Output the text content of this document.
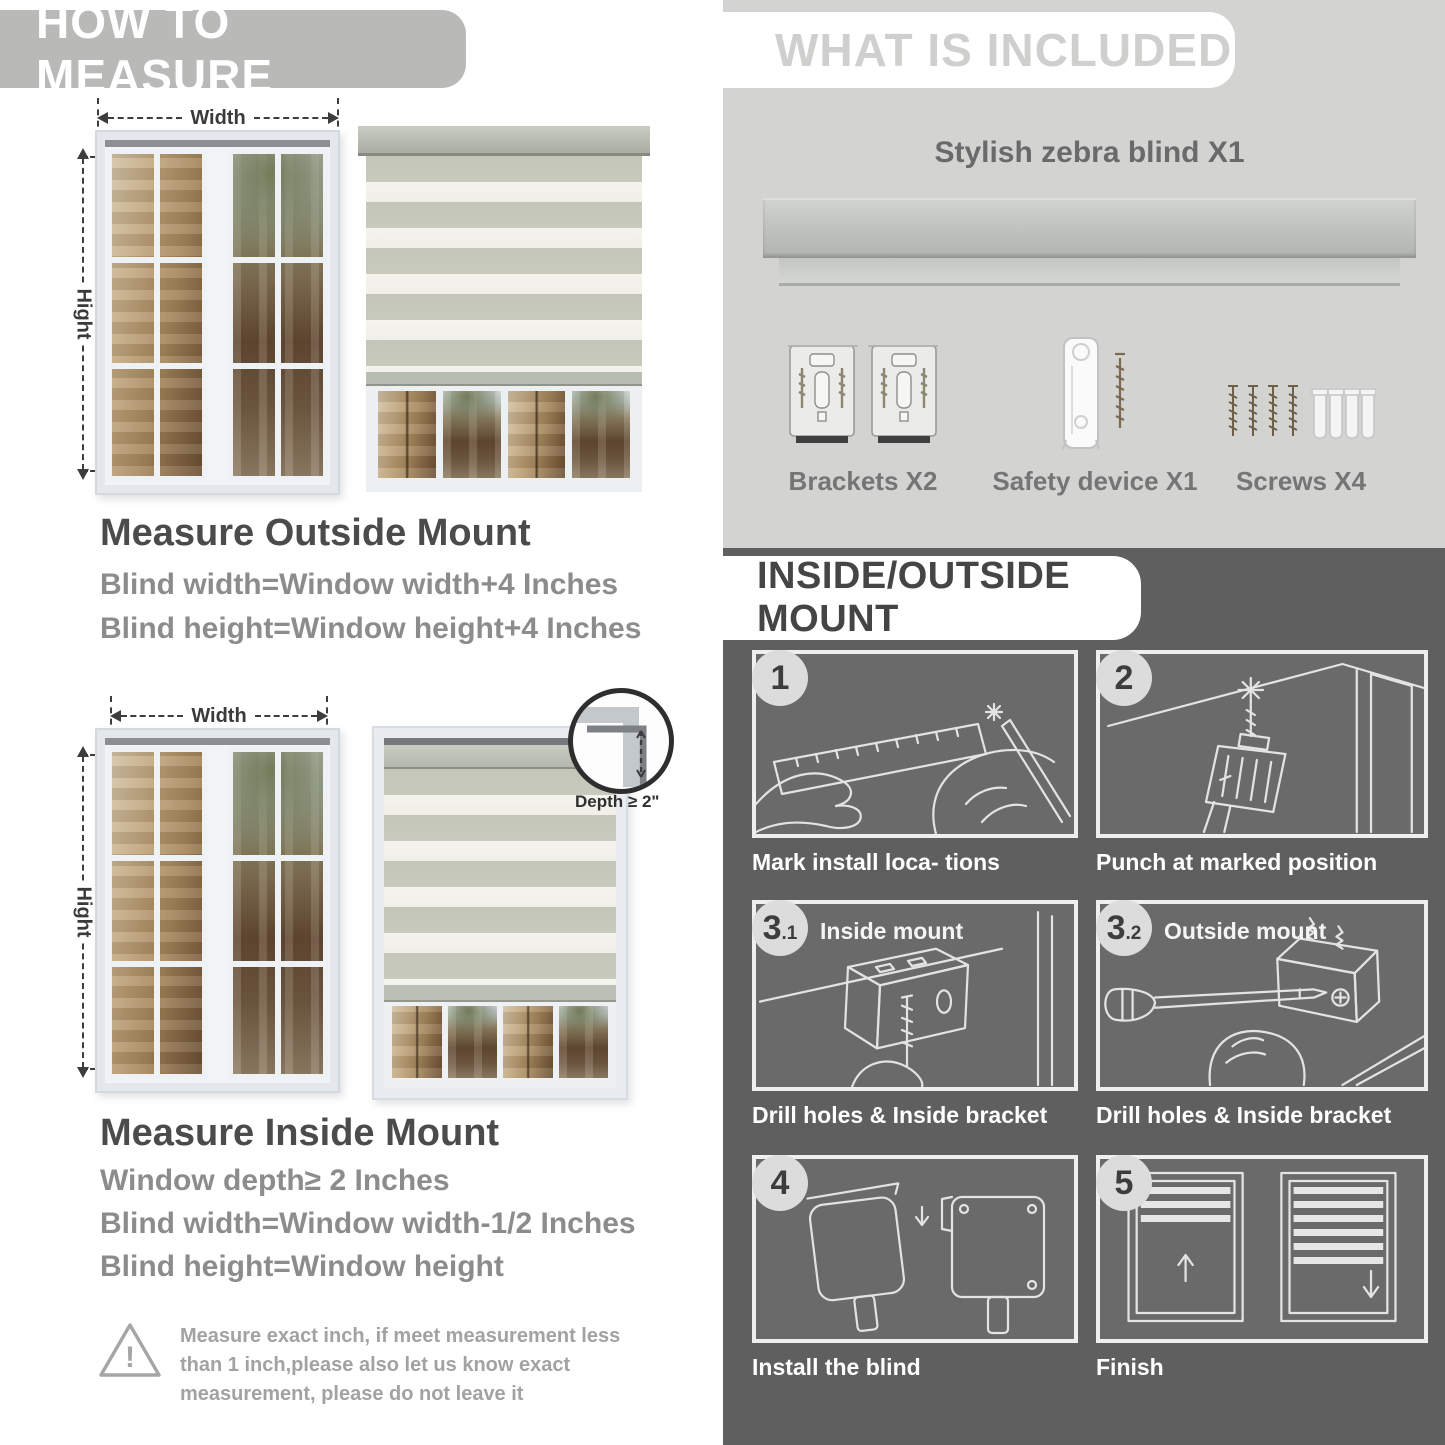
HOW TO MEASURE
Width
Hight
Measure Outside Mount
Blind width=Window width+4 Inches
Blind height=Window height+4 Inches
Width
Hight
Depth ≥ 2"
Measure Inside Mount
Window depth≥ 2 Inches
Blind width=Window width-1/2 Inches
Blind height=Window height
!
Measure exact inch, if meet measurement less than 1 inch,please also let us know exact measurement, please do not leave it
WHAT IS INCLUDED
Stylish zebra blind X1
Brackets X2	Safety device X1	Screws X4
INSIDE/OUTSIDE MOUNT
1
Mark install loca- tions
2
Punch at marked position
3 .1 Inside mount
Drill holes & Inside bracket
3 .2 Outside mount
Drill holes & Inside bracket
4
Install the blind
5
Finish
